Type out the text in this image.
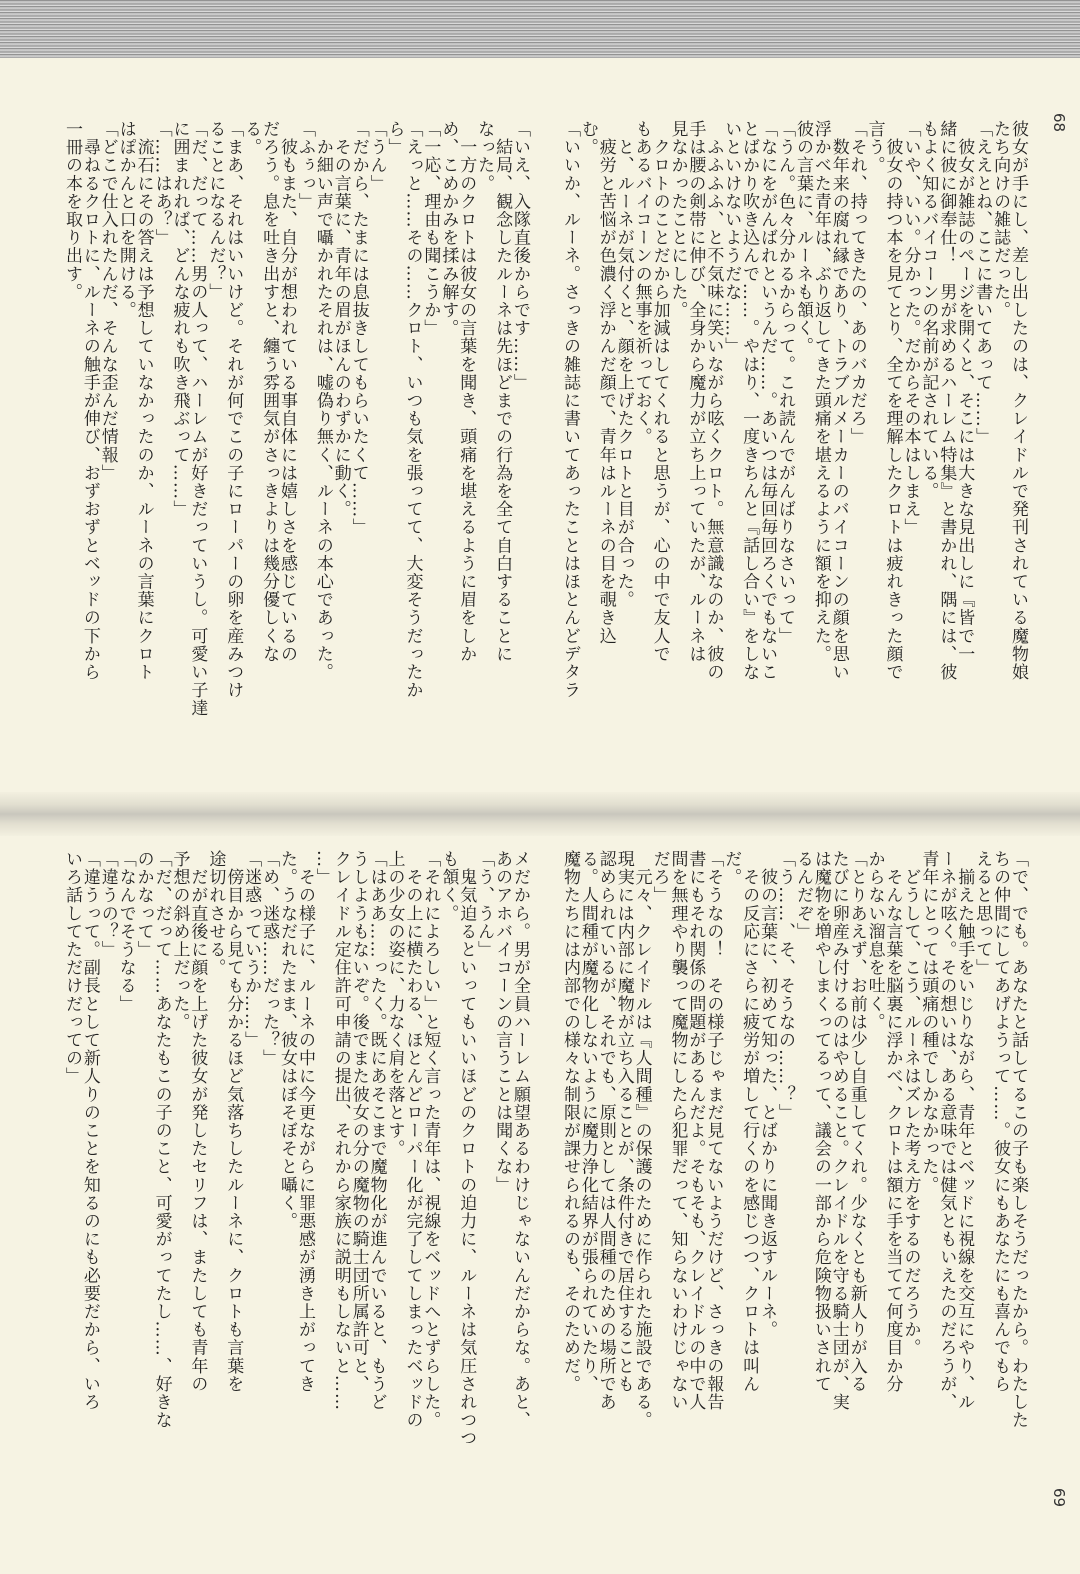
68
彼女が手にし、差し出したのは、クレイドルで発刊されている魔物娘
たち向けの雑誌だった。
「ええとね、ここに書いてあって……」
　彼女が雑誌のページを開くと、そこには大きな見出しに『皆で一
緒に彼に御奉仕！　男が求めるハーレム特集』と書かれ、隅には、彼
もよく知るバイコーンの名前が記されている。
「いや、いい。分かった。だからその本はしまえ」
　彼女の持つ本を見てとり、全てを理解したクロトは疲れきった顔で
言う。
「それ、持ってきたの、あのバカだろ」
　数年来の腐れ縁であり、トラブルメーカーのバイコーンの顔を思い
浮かべた青年は、ぶり返してきた頭痛を堪えるように額を抑えた。
彼の言葉に、ルーネも頷く。
「うん。色々分かるからって。これ読んでがんばりなさいって」
「なにをがんばれというんだ……。あいつは毎回毎回ろくでもないこ
とばかり吹き込んで……。やはり、一度きちんと『話し合い』をしな
いといけないようだな……」
　ふふふふ、と不気味に笑いながら呟くクロト。無意識なのか、彼の
手は腰の剣帯に伸び、全身から魔力が立ち上っていたが、ルーネは
見なかったことにした。
　クロトのことだから加減はしてくれると思うが、心の中で友人で
もあるバイコーンの無事を祈っておく。
　と、ルーネが気付くと、顔を上げたクロトと目が合った。
　疲労と苦悩が色濃く浮かんだ顔で、青年はルーネの目を覗き込
む。
「いいか、ルーネ。さっきの雑誌に書いてあったことはほとんどデタラ
「いえ、入隊直後からです……」
　結局、観念したルーネは先ほどまでの行為を全て自白することに
なった。
　一方のクロトは彼女の言葉を聞き、頭痛を堪えるように眉をしか
め、こめかみを揉み解す。
「一応、理由も聞こうか」
「えっと……その……クロト、いつも気を張ってて、大変そうだったか
ら」
「うん」
「だから、たまには息抜きしてもらいたくて……」
　その言葉に、青年の眉がほんのわずかに動く。
　か細い声で囁かれたそれは、嘘偽り無く、ルーネの本心であった。
「ふぅっ」
　彼もまた、自分が想われている事自体には嬉しさを感じているの
だろう。息を吐き出すと、纏う雰囲気がさっきよりは幾分優しくな
る。
「まあ、それはいいけど。それが何でこの子にローパーの卵を産みつけ
ることになるんだ？」
「だ、だって……男の人って、ハーレムが好きだっていうし。可愛い子達
に囲まれれば、どんな疲れも吹き飛ぶって……」
「……はあ？」
　流石にその答えは予想していなかったのか、ルーネの言葉にクロト
はぽかんと口を開ける。
「どこで仕入れたんだ、そんな歪んだ情報」
　尋ねるクロトに、ルーネの触手が伸び、おずおずとベッドの下から
一冊の本を取り出す。
69
「で、でも。あなたと話してるこの子も楽しそうだったから。わたした
ちの仲間にしてあげようって……。彼女にもあなたにも喜んでもら
えると思って」
　揃えた触手をいじりながら、青年とベッドに視線を交互にやり、ル
ーネが呟く。その想いは、ある意味では健気ともいえたのだろうが、
青年にとっては頭痛の種でしかなかった。
　どうして、こう、ルーネはズレた考え方をするのだろうか。
　そんな言葉を脳裏に浮かべ、クロトは額に手を当てて何度目か分
からない溜息を吐く。
「とりあえず、お前は少し自重してくれ。少なくとも新人りが入る
たびに卵産み付けるのはやめること。クレイドルを守る騎士団が、実
は魔物を増やしまくってるって、議会の一部から危険物扱いされて
るんだぞ」
「う……、そ、そうなの……？」
　彼の言葉に、初めて知った、とばかりに聞き返すルーネ。
　その反応にさらに疲労が増して行くのを感じつつ、クロトは叫ん
だ。
「そうなの！　その様子じゃまだ見てないようだけど、さっきの報告
書にもそれ関係の問題があるんだよ。そもそも、クレイドルの中で人
間を無理やり襲って魔物にしたら犯罪だって、知らないわけじゃない
だろ」
　元々、クレイドルは『人間種』の保護のために作られた施設である。
現実には内部に魔物が立ち入ることが、条件付きで居住することも
認められているが、それでも、原則としては人間種のための場所であ
る。人間種が魔物化しないように魔力浄化結界が張られていたり、
魔物たちには内部での様々な制限が課せられるのも、そのためだ。
メだから。男が全員ハーレム願望あるわけじゃないんだからな。あと、
あのアホバイコーンの言うことは聞くな」
「う、うん」
　鬼気迫るといってもいいほどのクロトの迫力に、ルーネは気圧されつつ
も頷く。
「それによろしい」と短く言った青年は、視線をベッドへとずらした。
　その上に横たわる、ほとんどローパー化が完了してしまったベッドの
上の少女の姿に、力なく肩を落とす。
「はああ……ったく。既にあそこまで魔物化が進んでいると、もうど
うしようもないぞ。後でまた彼女の分の魔物の騎士団所属許可と、
クレイドル定住許可申請の提出、それから家族に説明もしないと……
…」
　その様子に、ルーネの中に今更ながらに罪悪感が湧き上がってき
た。うなだれたまま、彼女はぼそぼそと囁く。
「め、迷惑……だった？」
「迷惑っていうか……」
　傍目から見ても分かるほど気落ちしたルーネに、クロトも言葉を
途切れさせる。
　だが直後に顔を上げた彼女が発したセリフは、またしても青年の
予想の斜め上だった。
「だ、だって……あなたもこの子のこと、可愛がってたし……、好きな
のかなって」
「なんでそうなる」
「違うの？」
「違うって。副長として新人りのことを知るのにも必要だから、いろ
いろ話してただけだっての」
